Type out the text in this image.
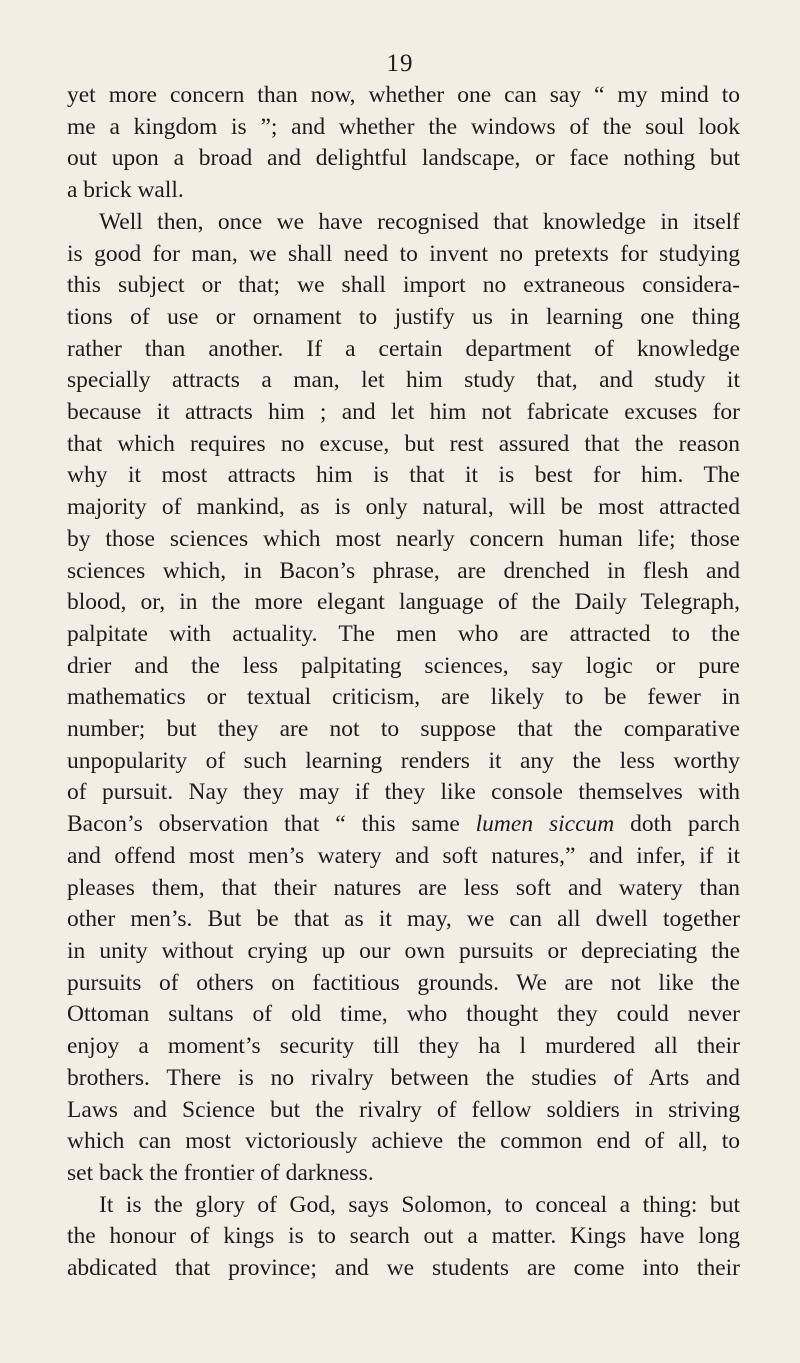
19

yet more concern than now, whether one can say “ my mind to
me a kingdom is ”; and whether the windows of the soul look
out upon a broad and delightful landscape, or face nothing but
a brick wall.

Well then, once we have recognised that knowledge in itself
is good for man, we shall need to invent no pretexts for studying
this subject or that; we shall import no extraneous considera-
tions of use or ornament to justify us in learning one thing
rather than another. If a certain department of knowledge
specially attracts a man, let him study that, and study it
because it attracts him ; and let him not fabricate excuses for
that which requires no excuse, but rest assured that the reason
why it most attracts him is that it is best for him. The
majority of mankind, as is only natural, will be most attracted
by those sciences which most nearly concern human life; those
sciences which, in Bacon’s phrase, are drenched in flesh and
blood, or, in the more elegant language of the Daily Telegraph,
palpitate with actuality. The men who are attracted to the
drier and the less palpitating sciences, say logic or pure
mathematics or textual criticism, are likely to be fewer in
number; but they are not to suppose that the comparative
unpopularity of such learning renders it any the less worthy
of pursuit. Nay they may if they like console themselves with
Bacon’s observation that “ this same lumen siccum doth parch
and offend most men’s watery and soft natures,” and infer, if it
pleases them, that their natures are less soft and watery than
other men’s. But be that as it may, we can all dwell together
in unity without crying up our own pursuits or depreciating the
pursuits of others on factitious grounds. We are not like the
Ottoman sultans of old time, who thought they could never
enjoy a moment’s security till they ha l murdered all their
brothers. There is no rivalry between the studies of Arts and
Laws and Science but the rivalry of fellow soldiers in striving
which can most victoriously achieve the common end of all, to
set back the frontier of darkness.

It is the glory of God, says Solomon, to conceal a thing: but
the honour of kings is to search out a matter. Kings have long
abdicated that province; and we students are come into their
